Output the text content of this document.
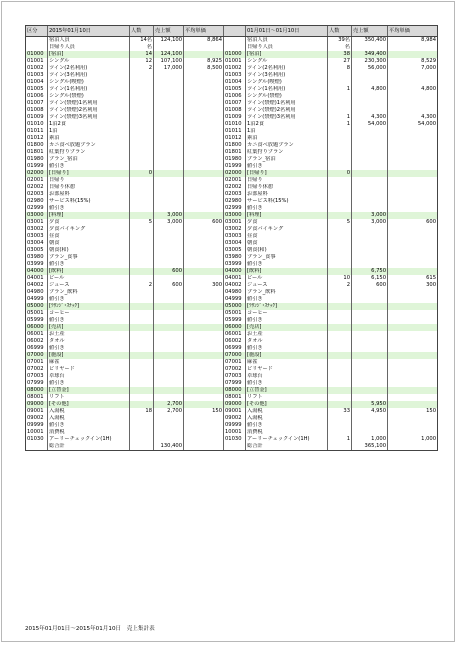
区分	2015年01月10日	人数	売上額	平均単価		01月01日～01月10日	人数	売上額	平均単価
	宿泊人員	14名	124,100	8,864		宿泊人員	39名	350,400	8,984
	日帰り人員	名				日帰り人員	名		
01000	[宿泊]	14	124,100		01000	[宿泊]	38	349,400	
01001	シングル	12	107,100	8,925	01001	シングル	27	230,300	8,529
01002	ツイン(2名利用)	2	17,000	8,500	01002	ツイン(2名利用)	8	56,000	7,000
01003	ツイン(3名利用)				01003	ツイン(3名利用)			
01004	シングル(喫煙)				01004	シングル(喫煙)			
01005	ツイン(1名利用)				01005	ツイン(1名利用)	1	4,800	4,800
01006	シングル(禁煙)				01006	シングル(禁煙)			
01007	ツイン(禁煙)1名利用				01007	ツイン(禁煙)1名利用			
01008	ツイン(禁煙)2名利用				01008	ツイン(禁煙)2名利用			
01009	ツイン(禁煙)3名利用				01009	ツイン(禁煙)3名利用	1	4,300	4,300
01010	1泊2食				01010	1泊2食	1	54,000	54,000
01011	1泊				01011	1泊			
01012	素泊				01012	素泊			
01800	カニ食べ放題プラン				01800	カニ食べ放題プラン			
01801	紅葉狩りプラン				01801	紅葉狩りプラン			
01980	プラン_宿泊				01980	プラン_宿泊			
01999	値引き				01999	値引き			
02000	[日帰り]	0			02000	[日帰り]	0		
02001	日帰り				02001	日帰り			
02002	日帰り休憩				02002	日帰り休憩			
02003	お部屋料				02003	お部屋料			
02980	サービス料(15%)				02980	サービス料(15%)			
02999	値引き				02999	値引き			
03000	[料理]		3,000		03000	[料理]		3,000	
03001	夕食	5	3,000	600	03001	夕食	5	3,000	600
03002	夕食バイキング				03002	夕食バイキング			
03003	昼食				03003	昼食			
03004	朝食				03004	朝食			
03005	朝食(和)				03005	朝食(和)			
03980	プラン_食事				03980	プラン_食事			
03999	値引き				03999	値引き			
04000	[飲料]		600		04000	[飲料]		6,750	
04001	ビール				04001	ビール	10	6,150	615
04002	ジュース	2	600	300	04002	ジュース	2	600	300
04980	プラン_飲料				04980	プラン_飲料			
04999	値引き				04999	値引き			
05000	[ﾗｳﾝｼﾞ･ｽﾅｯｸ]				05000	[ﾗｳﾝｼﾞ･ｽﾅｯｸ]			
05001	コーヒー				05001	コーヒー			
05999	値引き				05999	値引き			
06000	[売店]				06000	[売店]			
06001	お土産				06001	お土産			
06002	タオル				06002	タオル			
06999	値引き				06999	値引き			
07000	[施設]				07000	[施設]			
07001	麻雀				07001	麻雀			
07002	ビリヤード				07002	ビリヤード			
07003	卓球台				07003	卓球台			
07999	値引き				07999	値引き			
08000	[立替金]				08000	[立替金]			
08001	リフト				08001	リフト			
09000	[その他]		2,700		09000	[その他]		5,950	
09001	入湯税	18	2,700	150	09001	入湯税	33	4,950	150
09002	入湯税				09002	入湯税			
09999	値引き				09999	値引き			
10001	消費税				10001	消費税			
01030	アーリーチェックイン(1H)				01030	アーリーチェックイン(1H)	1	1,000	1,000
	総合計		130,400			総合計		365,100	
2015年01月01日～2015年01月10日　売上集計表
